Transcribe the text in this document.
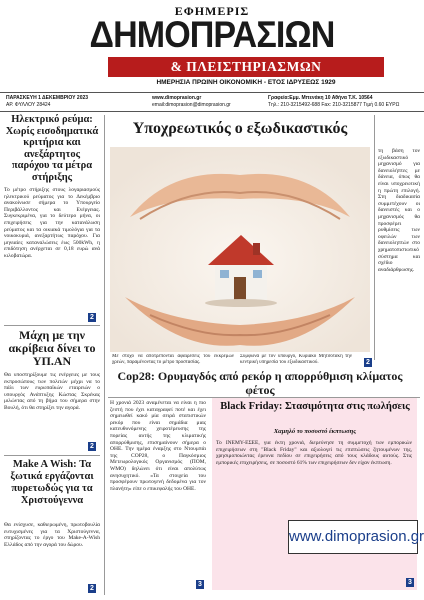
ΕΦΗΜΕΡΙΣ
ΔΗΜΟΠΡΑΣΙΩΝ
& ΠΛΕΙΣΤΗΡΙΑΣΜΩΝ
ΗΜΕΡΗΣΙΑ ΠΡΩΙΝΗ ΟΙΚΟΝΟΜΙΚΗ - ΕΤΟΣ ΙΔΡΥΣΕΩΣ 1929
ΠΑΡΑΣΚΕΥΗ 1 ΔΕΚΕΜΒΡΙΟΥ 2023
ΑΡ. ΦΥΛΛΟΥ 28424
www.dimoprasion.gr
email:dimoprasion@dimoprasion.gr
Γραφεία:Εμμ. Μπενάκη 10 Αθήνα Τ.Κ. 10564
Tηλ.: 210-3215492-688 Fax: 210-3215877 Tιμή 0.60 ΕΥΡΩ
Ηλεκτρικό ρεύμα: Χωρίς εισοδηματικά κριτήρια και ανεξάρτητος παρόχου τα μέτρα στήριξης
Το μέτρο στήριξης στους λογαριασμούς ηλεκτρικού ρεύματος για το Δεκέμβριο ανακοίνωσε σήμερα το Υπουργείο Περιβάλλοντος και Ενέργειας. Συγκεκριμένα, για το δεύτερο μήνα, οι επιχειρήσεις για την κατανάλωση ρεύματος και τα οικιακά τιμολόγια για τα νοικοκυριά, ανεξαρτήτως παρόχου. Για μηνιαίες καταναλώσεις έως 500kWh, η επιδότηση ανέρχεται σε 0,18 ευρώ ανά κιλοβατώρα.
2
Μάχη με την ακρίβεια δίνει το ΥΠ.ΑΝ
Θα υποστηρίξουμε τις ενέργειες με τους εκπροσώπους των πολιτών μέχρι να το πάλι των ευρωπαϊκών εταιρειών ο υπουργός Ανάπτυξης Κώστας Σκρέκας μιλώντας από τη βήμα του σήμερα στην Βουλή, ότι θα στηρίξει την αγορά.
2
Make A Wish: Τα ξωτικά εργάζονται πυρετωδώς για τα Χριστούγεννα
Θα ενίσχυσε, καθιερωμένη, πρωτοβουλία ευτυχισμένες για τα Χριστούγεννα, στηρίζοντας το έργο του Make-A-Wish Ελλάδος από την αγορά του δώρου.
2
Υποχρεωτικός ο εξωδικαστικός
Με στόχο να αποτρέπονται αφαιρέσεις του εκκρεμών χρεών, παραμένοντας το μέτρο προστασίας.
Σύμφωνα με τον υπουργό, Κυριάκο Μητσοτάκη την κεντρική υπηρεσία του εξωδικαστικού.	2
τη βάση τον εξωδικαστικό μηχανισμό για δανειολήπτες με δάνεια, όπως θα είναι υποχρεωτική η πρώτη επιλογή. Στη διαδικασία συμμετέχουν οι δανειστές και ο μηχανισμός θα προσφέρει ρυθμίσεις των οφειλών των δανειοληπτών στο χρηματοπιστωτικό σύστημα και σχέδιο αναδιάρθρωσης.
Cop28: Ορυμαγδός από ρεκόρ η απορρύθμιση κλίματος φέτος
Η χρονιά 2023 αναμένεται να είναι η πιο ζεστή που έχει καταγραφεί ποτέ και έχει σημειωθεί κακό μία σειρά στατιστικών ρεκόρ που είναι σημάδια μιας κατευθυνόμενης χειροτέρευσης της πορείας αυτής της κλιματικής απορρύθμισης, επισημαίνουν σήμερα ο ΟΗΕ. Την ημέρα έναρξης στο Ντουμπάι της COP28, ο Παγκόσμιος Μετεωρολογικός Οργανισμός (ΠΟΜ, WMO) δηλώνει ότι είναι απολύτως ανησυχητικό. «Τα στοιχεία του προσφέρουν πρωτογενή δεδομένα για τον πλανήτη» είπε ο επικεφαλής του ΟΗΕ.
3
Black Friday: Στασιμότητα στις πωλήσεις
Χαμηλό το ποσοστό έκπτωσης
Το ΙΝΕΜΥ-ΕΣΕΕ, για έκτη χρονιά, διερεύνησε τη συμμετοχή των εμπορικών επιχειρήσεων στη "Black Friday" και αξιολογεί τις επιπτώσεις ζητουμένων της, χρησιμοποιώντας έρευνα πεδίου σε επιχειρήσεις από τους κλάδους αυτούς. Στις εμπορικές επιχειρήσεις, σε ποσοστό 61% των επιχειρήσεων δεν είχαν έκπτωση.
www.dimoprasion.gr
3
